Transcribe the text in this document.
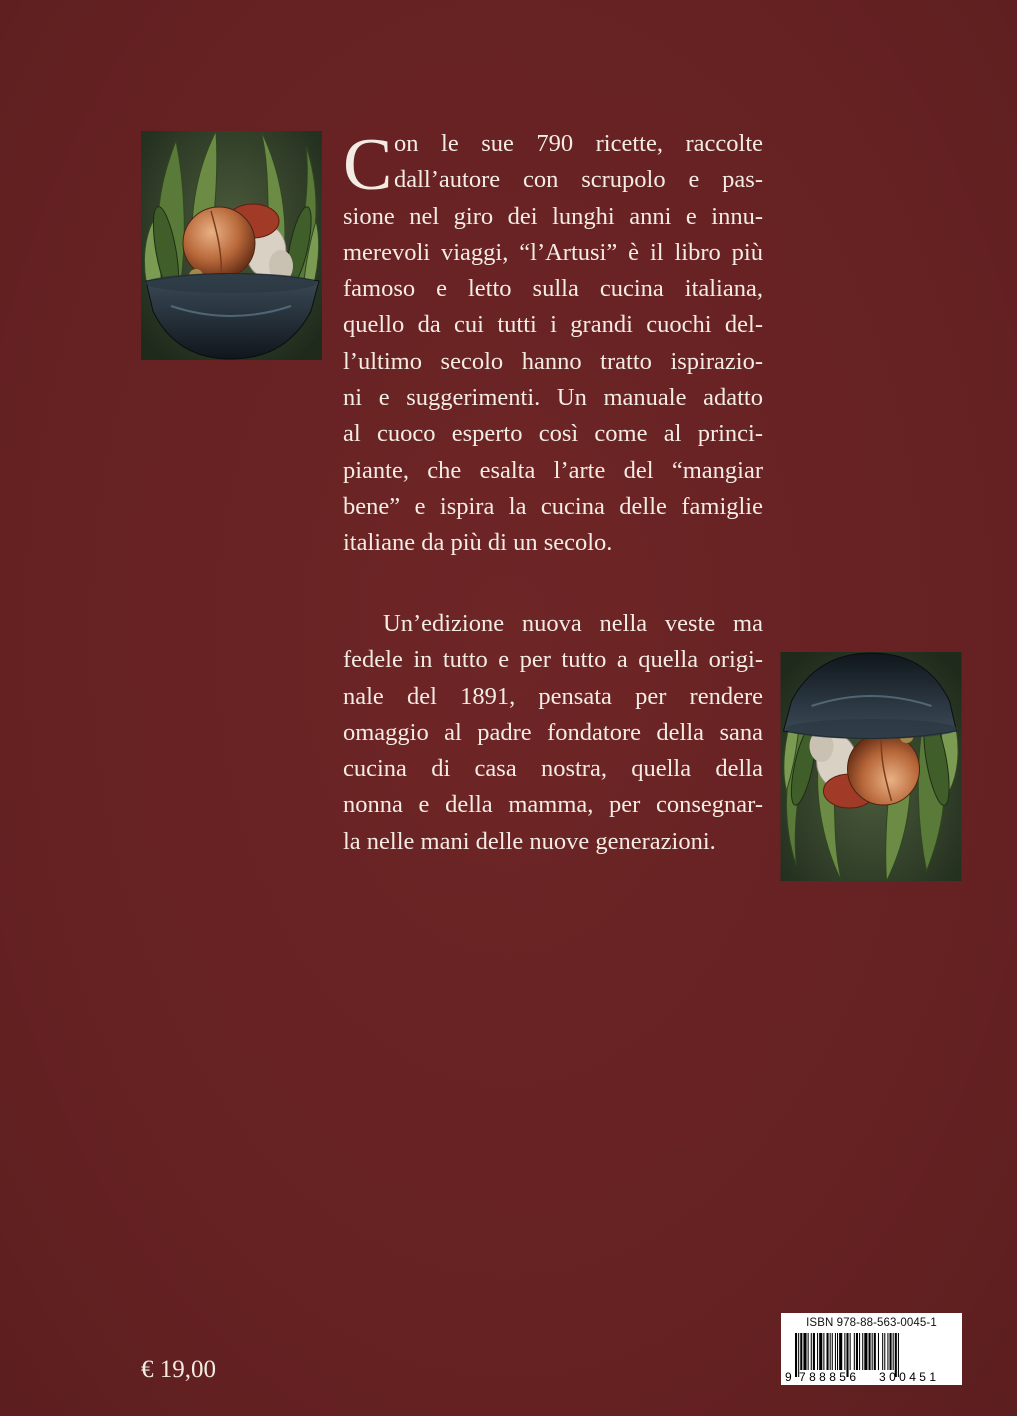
C on le sue 790 ricette, raccolte
dall’autore con scrupolo e pas-
sione nel giro dei lunghi anni e innu-
merevoli viaggi, “l’Artusi” è il libro più
famoso e letto sulla cucina italiana,
quello da cui tutti i grandi cuochi del-
l’ultimo secolo hanno tratto ispirazio-
ni e suggerimenti. Un manuale adatto
al cuoco esperto così come al princi-
piante, che esalta l’arte del “mangiar
bene” e ispira la cucina delle famiglie
italiane da più di un secolo.

Un’edizione nuova nella veste ma
fedele in tutto e per tutto a quella origi-
nale del 1891, pensata per rendere
omaggio al padre fondatore della sana
cucina di casa nostra, quella della
nonna e della mamma, per consegnar-
la nelle mani delle nuove generazioni.

€ 19,00
ISBN 978-88-563-0045-1
9 788856 300451
